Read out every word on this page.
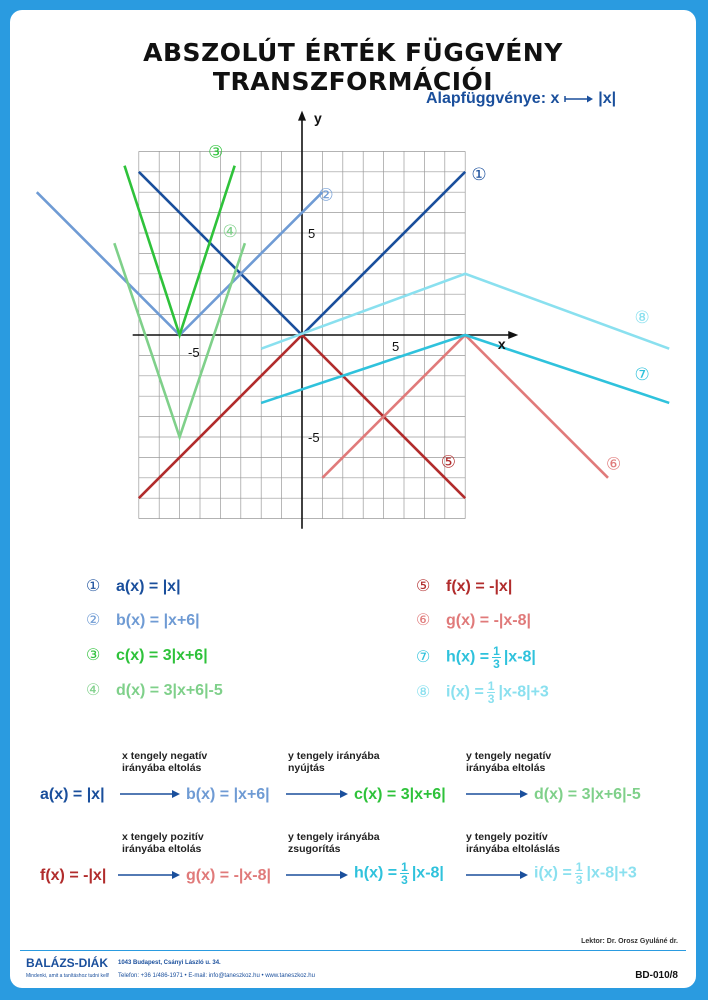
ABSZOLÚT ÉRTÉK FÜGGVÉNY TRANSZFORMÁCIÓI
Alapfüggvénye: x |x|
x
y
-5	5
5
-5
①
②
③
④
⑤	⑥
⑦
⑧
① a(x) = |x|
② b(x) = |x+6|
③ c(x) = 3|x+6|
④ d(x) = 3|x+6|-5
⑤ f(x) = -|x|
⑥ g(x) = -|x-8|
⑦ $h(x) = \frac{1}{3} |x-8|$
⑧ $i(x) = \frac{1}{3} |x-8|+3$
x tengely negatív
irányába eltolás
y tengely irányába
nyújtás
y tengely negatív
irányába eltolás
a(x) = |x|	b(x) = |x+6|	c(x) = 3|x+6|	d(x) = 3|x+6|-5
x tengely pozitív
irányába eltolás
y tengely irányába
zsugorítás
y tengely pozitív
irányába eltoláslás
f(x) = -|x|	g(x) = -|x-8|	$h(x) = \frac{1}{3} |x-8|$	$i(x) = \frac{1}{3} |x-8|+3$
Lektor: Dr. Orosz Gyuláné dr.
BALÁZS-DIÁK
Mindenki, amit a tanításhoz tudni kell!
1043 Budapest, Csányi László u. 34.
Telefon: +36 1/486-1971 • E-mail: info@taneszkoz.hu • www.taneszkoz.hu	BD-010/8
